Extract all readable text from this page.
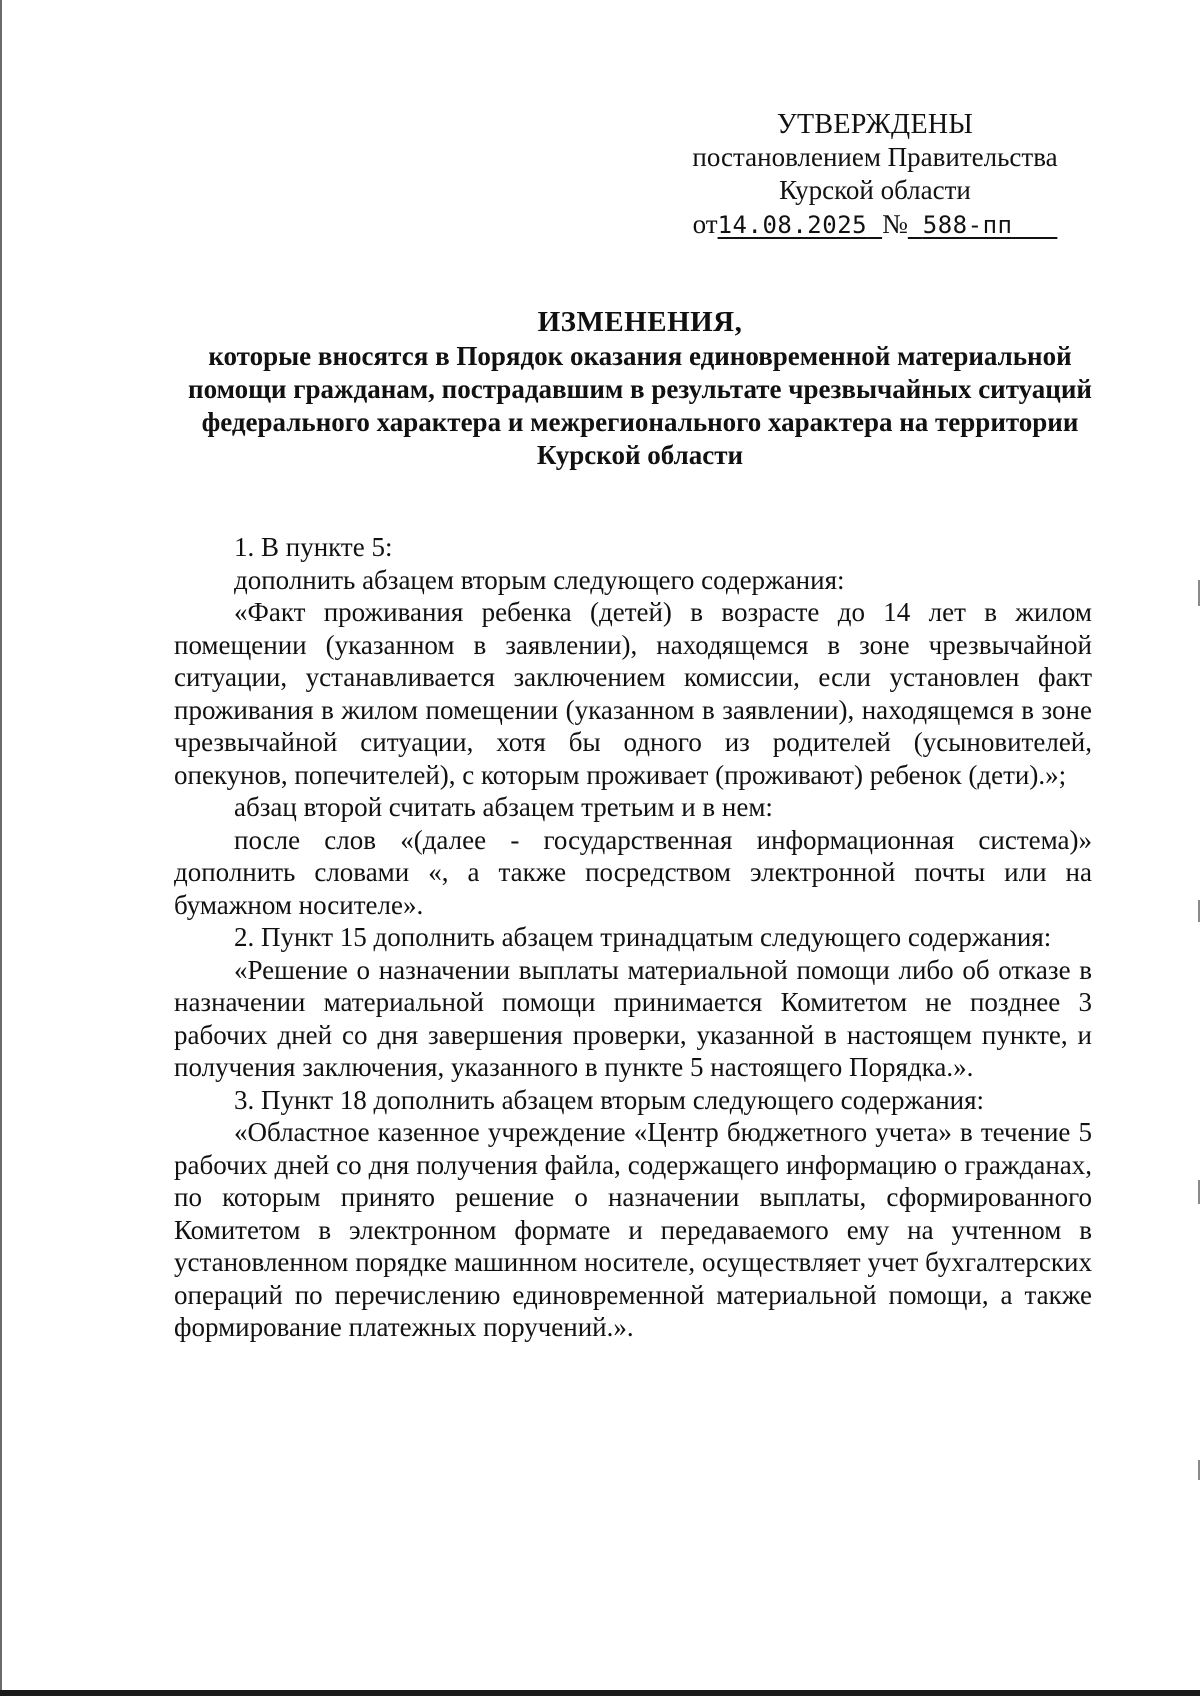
УТВЕРЖДЕНЫ
постановлением Правительства
Курской области
от14.08.2025 № 588-пп
ИЗМЕНЕНИЯ,
которые вносятся в Порядок оказания единовременной материальной помощи гражданам, пострадавшим в результате чрезвычайных ситуаций федерального характера и межрегионального характера на территории Курской области

1. В пункте 5:

дополнить абзацем вторым следующего содержания:

«Факт проживания ребенка (детей) в возрасте до 14 лет в жилом помещении (указанном в заявлении), находящемся в зоне чрезвычайной ситуации, устанавливается заключением комиссии, если установлен факт проживания в жилом помещении (указанном в заявлении), находящемся в зоне чрезвычайной ситуации, хотя бы одного из родителей (усыновителей, опекунов, попечителей), с которым проживает (проживают) ребенок (дети).»;

абзац второй считать абзацем третьим и в нем:

после слов «(далее - государственная информационная система)» дополнить словами «, а также посредством электронной почты или на бумажном носителе».

2. Пункт 15 дополнить абзацем тринадцатым следующего содержания:

«Решение о назначении выплаты материальной помощи либо об отказе в назначении материальной помощи принимается Комитетом не позднее 3 рабочих дней со дня завершения проверки, указанной в настоящем пункте, и получения заключения, указанного в пункте 5 настоящего Порядка.».

3. Пункт 18 дополнить абзацем вторым следующего содержания:

«Областное казенное учреждение «Центр бюджетного учета» в течение 5 рабочих дней со дня получения файла, содержащего информацию о гражданах, по которым принято решение о назначении выплаты, сформированного Комитетом в электронном формате и передаваемого ему на учтенном в установленном порядке машинном носителе, осуществляет учет бухгалтерских операций по перечислению единовременной материальной помощи, а также формирование платежных поручений.».
